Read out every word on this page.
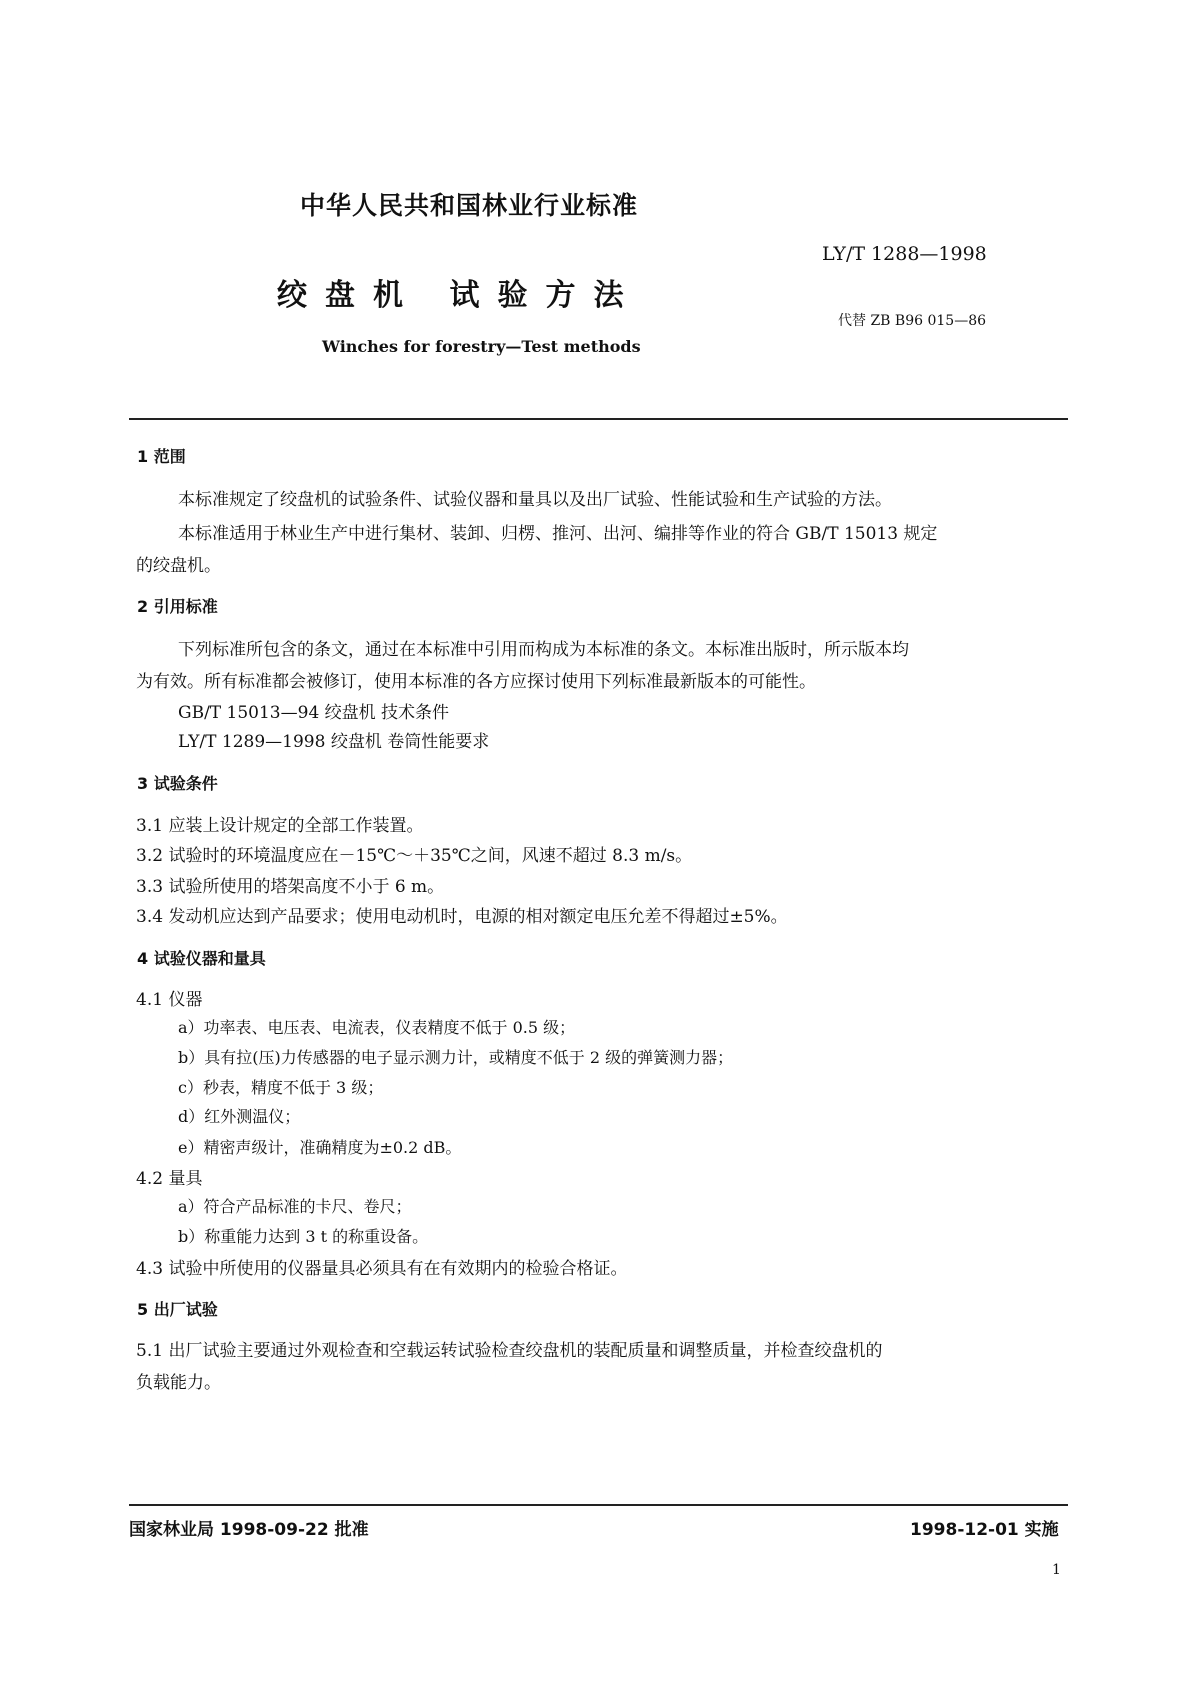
中华人民共和国林业行业标准
LY/T 1288—1998
绞盘机 试验方法
代替 ZB B96 015—86
Winches for forestry—Test methods
1 范围
本标准规定了绞盘机的试验条件、试验仪器和量具以及出厂试验、性能试验和生产试验的方法。
本标准适用于林业生产中进行集材、装卸、归楞、推河、出河、编排等作业的符合 GB/T 15013 规定
的绞盘机。
2 引用标准
下列标准所包含的条文，通过在本标准中引用而构成为本标准的条文。本标准出版时，所示版本均
为有效。所有标准都会被修订，使用本标准的各方应探讨使用下列标准最新版本的可能性。
GB/T 15013—94 绞盘机 技术条件
LY/T 1289—1998 绞盘机 卷筒性能要求
3 试验条件
3.1 应装上设计规定的全部工作装置。
3.2 试验时的环境温度应在－15℃～＋35℃之间，风速不超过 8.3 m/s。
3.3 试验所使用的塔架高度不小于 6 m。
3.4 发动机应达到产品要求；使用电动机时，电源的相对额定电压允差不得超过±5%。
4 试验仪器和量具
4.1 仪器
a）功率表、电压表、电流表，仪表精度不低于 0.5 级；
b）具有拉(压)力传感器的电子显示测力计，或精度不低于 2 级的弹簧测力器；
c）秒表，精度不低于 3 级；
d）红外测温仪；
e）精密声级计，准确精度为±0.2 dB。
4.2 量具
a）符合产品标准的卡尺、卷尺；
b）称重能力达到 3 t 的称重设备。
4.3 试验中所使用的仪器量具必须具有在有效期内的检验合格证。
5 出厂试验
5.1 出厂试验主要通过外观检查和空载运转试验检查绞盘机的装配质量和调整质量，并检查绞盘机的
负载能力。
国家林业局 1998-09-22 批准	1998-12-01 实施
1
